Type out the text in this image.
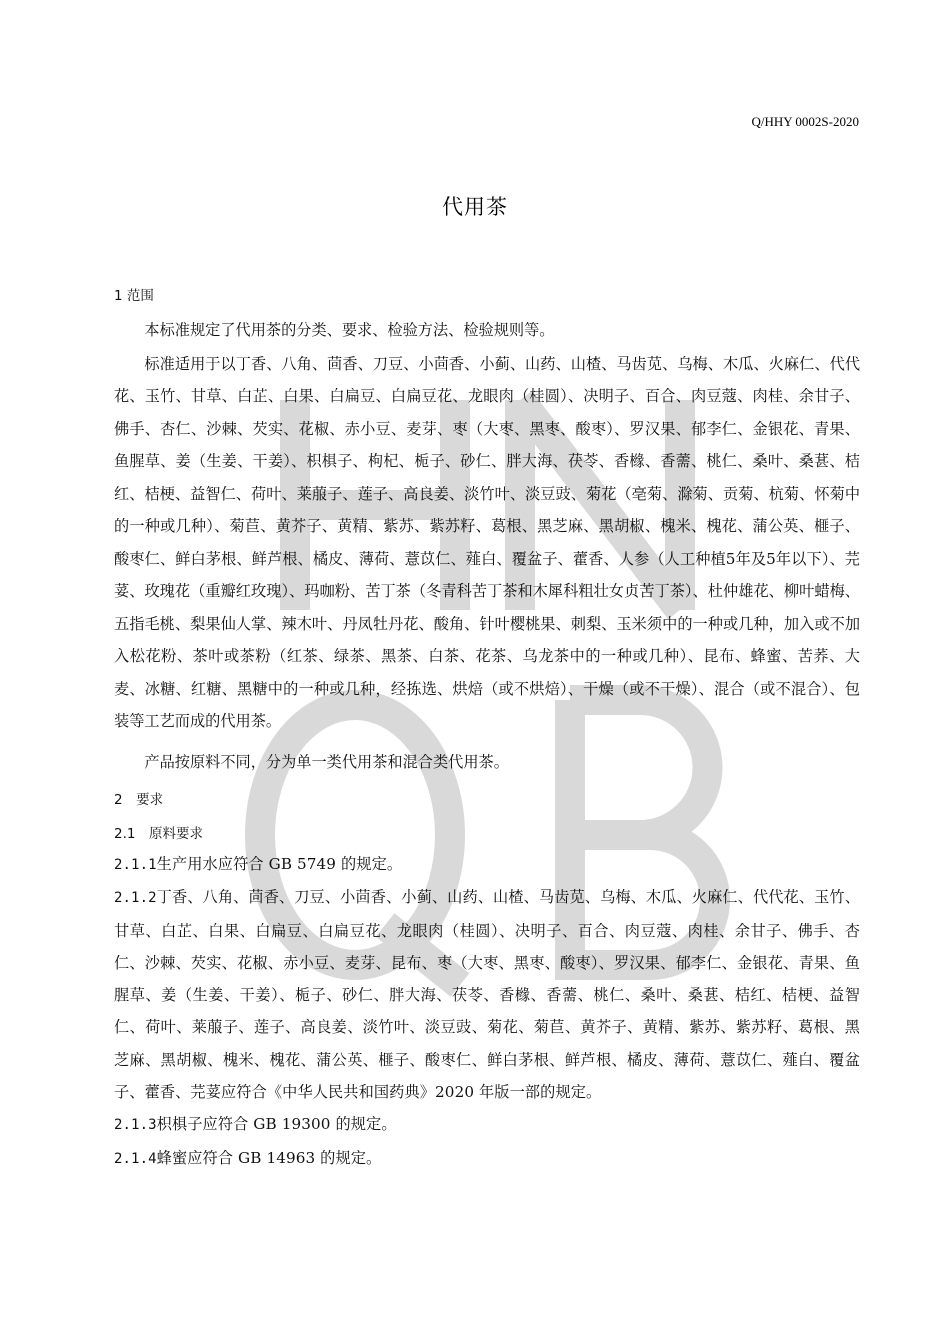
Q/HHY 0002S-2020
代用茶
1 范围

本标准规定了代用茶的分类、要求、检验方法、检验规则等。

标准适用于以丁香、八角、茴香、刀豆、小茴香、小蓟、山药、山楂、马齿苋、乌梅、木瓜、火麻仁、代代花、玉竹、甘草、白芷、白果、白扁豆、白扁豆花、龙眼肉（桂圆）、决明子、百合、肉豆蔻、肉桂、余甘子、佛手、杏仁、沙棘、芡实、花椒、赤小豆、麦芽、枣（大枣、黑枣、酸枣）、罗汉果、郁李仁、金银花、青果、鱼腥草、姜（生姜、干姜）、枳椇子、枸杞、栀子、砂仁、胖大海、茯苓、香橼、香薷、桃仁、桑叶、桑葚、桔红、桔梗、益智仁、荷叶、莱菔子、莲子、高良姜、淡竹叶、淡豆豉、菊花（亳菊、滁菊、贡菊、杭菊、怀菊中的一种或几种）、菊苣、黄芥子、黄精、紫苏、紫苏籽、葛根、黑芝麻、黑胡椒、槐米、槐花、蒲公英、榧子、酸枣仁、鲜白茅根、鲜芦根、橘皮、薄荷、薏苡仁、薤白、覆盆子、藿香、人参（人工种植5年及5年以下）、芫荽、玫瑰花（重瓣红玫瑰）、玛咖粉、苦丁茶（冬青科苦丁茶和木犀科粗壮女贞苦丁茶）、杜仲雄花、柳叶蜡梅、五指毛桃、梨果仙人掌、辣木叶、丹凤牡丹花、酸角、针叶樱桃果、刺梨、玉米须中的一种或几种，加入或不加入松花粉、茶叶或茶粉（红茶、绿茶、黑茶、白茶、花茶、乌龙茶中的一种或几种）、昆布、蜂蜜、苦荞、大麦、冰糖、红糖、黑糖中的一种或几种，经拣选、烘焙（或不烘焙）、干燥（或不干燥）、混合（或不混合）、包装等工艺而成的代用茶。

产品按原料不同，分为单一类代用茶和混合类代用茶。

2　要求
2.1　原料要求

2.1.1生产用水应符合 GB 5749 的规定。

2.1.2丁香、八角、茴香、刀豆、小茴香、小蓟、山药、山楂、马齿苋、乌梅、木瓜、火麻仁、代代花、玉竹、甘草、白芷、白果、白扁豆、白扁豆花、龙眼肉（桂圆）、决明子、百合、肉豆蔻、肉桂、余甘子、佛手、杏仁、沙棘、芡实、花椒、赤小豆、麦芽、昆布、枣（大枣、黑枣、酸枣）、罗汉果、郁李仁、金银花、青果、鱼腥草、姜（生姜、干姜）、栀子、砂仁、胖大海、茯苓、香橼、香薷、桃仁、桑叶、桑葚、桔红、桔梗、益智仁、荷叶、莱菔子、莲子、高良姜、淡竹叶、淡豆豉、菊花、菊苣、黄芥子、黄精、紫苏、紫苏籽、葛根、黑芝麻、黑胡椒、槐米、槐花、蒲公英、榧子、酸枣仁、鲜白茅根、鲜芦根、橘皮、薄荷、薏苡仁、薤白、覆盆子、藿香、芫荽应符合《中华人民共和国药典》2020 年版一部的规定。

2.1.3枳椇子应符合 GB 19300 的规定。

2.1.4蜂蜜应符合 GB 14963 的规定。
